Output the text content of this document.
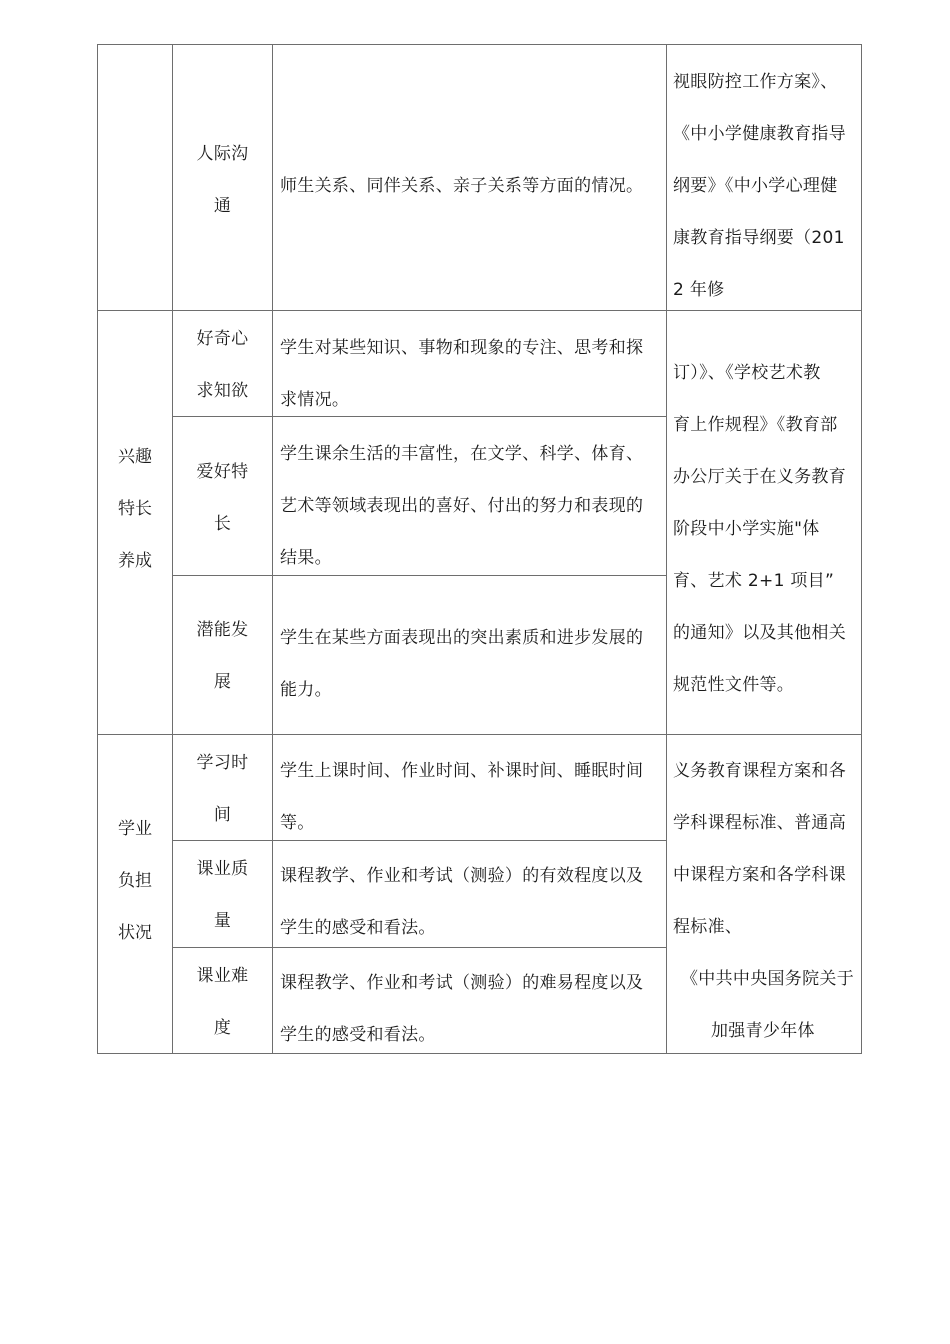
人际沟
通
师生关系、同伴关系、亲子关系等方面的情况。
兴趣
特长
养成
好奇心
求知欲
学生对某些知识、事物和现象的专注、思考和探
求情况。
爱好特
长
学生课余生活的丰富性，在文学、科学、体育、
艺术等领域表现出的喜好、付出的努力和表现的
结果。
潜能发
展
学生在某些方面表现出的突出素质和进步发展的
能力。
学业
负担
状况
学习时
间
学生上课时间、作业时间、补课时间、睡眠时间
等。
课业质
量
课程教学、作业和考试（测验）的有效程度以及
学生的感受和看法。
课业难
度
课程教学、作业和考试（测验）的难易程度以及
学生的感受和看法。
视眼防控工作方案》、
《中小学健康教育指导
纲要》《中小学心理健
康教育指导纲要（201
2 年修
订）》、《学校艺术教
育上作规程》《教育部
办公厅关于在义务教育
阶段中小学实施"体
育、艺术 2+1 项目”
的通知》以及其他相关
规范性文件等。
义务教育课程方案和各
学科课程标准、普通高
中课程方案和各学科课
程标准、
《中共中央国务院关于
加强青少年体
